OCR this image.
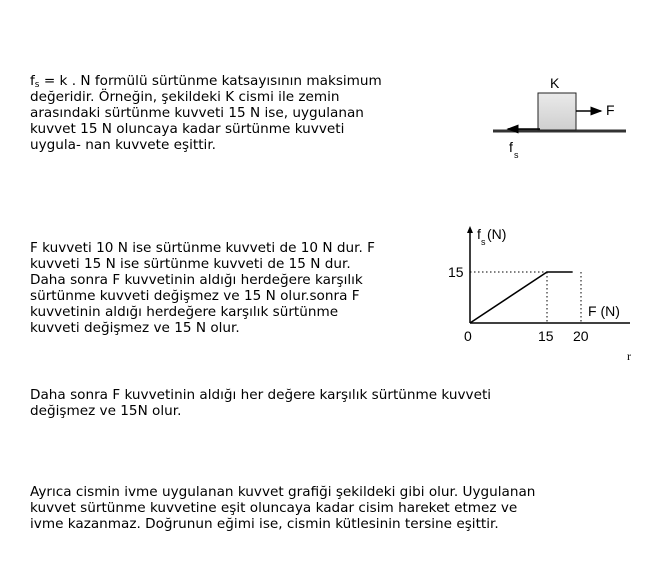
$f_s = k$ . N formülü sürtünme katsayısının maksimum
değeridir. Örneğin, şekildeki K cismi ile zemin
arasındaki sürtünme kuvveti 15 N ise, uygulanan
kuvvet 15 N oluncaya kadar sürtünme kuvveti
uygula- nan kuvvete eşittir.
K
F
f s
F kuvveti 10 N ise sürtünme kuvveti de 10 N dur. F
kuvveti 15 N ise sürtünme kuvveti de 15 N dur.
Daha sonra F kuvvetinin aldığı herdeğere karşılık
sürtünme kuvveti değişmez ve 15 N olur.sonra F
kuvvetinin aldığı herdeğere karşılık sürtünme
kuvveti değişmez ve 15 N olur.
f s (N)
15
F (N)
0	15 20
r
Daha sonra F kuvvetinin aldığı her değere karşılık sürtünme kuvveti
değişmez ve 15N olur.
Ayrıca cismin ivme uygulanan kuvvet grafiği şekildeki gibi olur. Uygulanan
kuvvet sürtünme kuvvetine eşit oluncaya kadar cisim hareket etmez ve
ivme kazanmaz. Doğrunun eğimi ise, cismin kütlesinin tersine eşittir.
